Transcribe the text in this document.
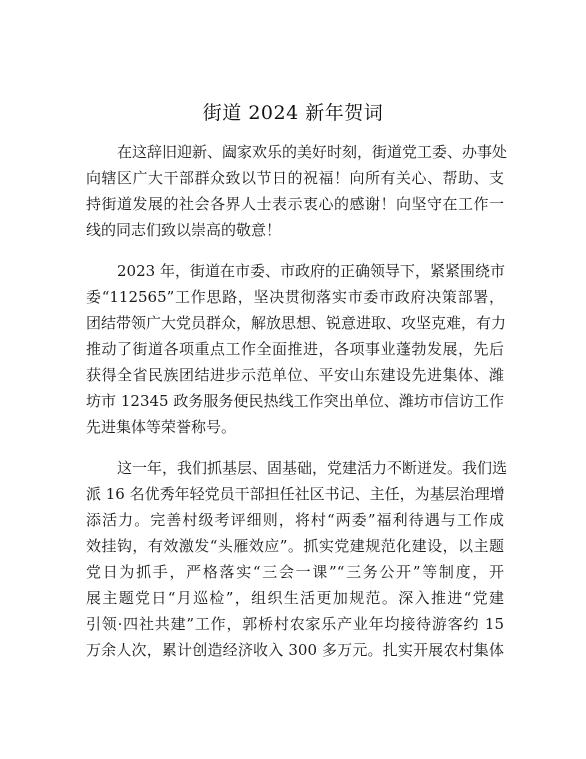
街道 2024 新年贺词
在这辞旧迎新、阖家欢乐的美好时刻，街道党工委、办事处
向辖区广大干部群众致以节日的祝福！向所有关心、帮助、支
持街道发展的社会各界人士表示衷心的感谢！向坚守在工作一
线的同志们致以崇高的敬意！
2023 年，街道在市委、市政府的正确领导下，紧紧围绕市
委“112565”工作思路，坚决贯彻落实市委市政府决策部署，
团结带领广大党员群众，解放思想、锐意进取、攻坚克难，有力
推动了街道各项重点工作全面推进，各项事业蓬勃发展，先后
获得全省民族团结进步示范单位、平安山东建设先进集体、潍
坊市 12345 政务服务便民热线工作突出单位、潍坊市信访工作
先进集体等荣誉称号。
这一年，我们抓基层、固基础，党建活力不断迸发。我们选
派 16 名优秀年轻党员干部担任社区书记、主任，为基层治理增
添活力。完善村级考评细则，将村“两委”福利待遇与工作成
效挂钩，有效激发“头雁效应”。抓实党建规范化建设，以主题
党日为抓手，严格落实“三会一课”“三务公开”等制度，开
展主题党日“月巡检”，组织生活更加规范。深入推进“党建
引领·四社共建”工作，郭桥村农家乐产业年均接待游客约 15
万余人次，累计创造经济收入 300 多万元。扎实开展农村集体
